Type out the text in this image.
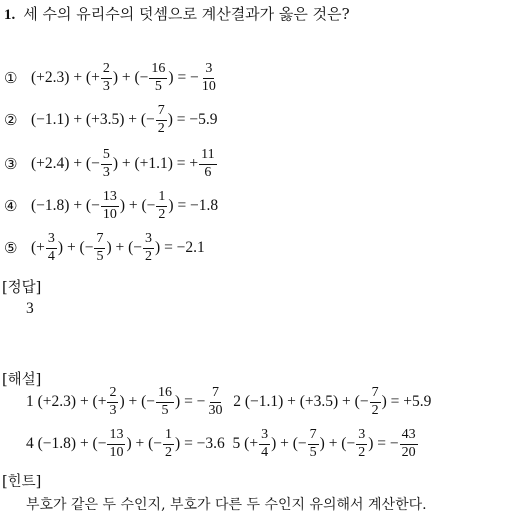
1. 세 수의 유리수의 덧셈으로 계산결과가 옳은 것은?
① (+2.3) + (+ $\frac{2}{3}$ ) + (− $\frac{16}{5}$ ) = − $\frac{3}{10}$
② (−1.1) + (+3.5) + (− $\frac{7}{2}$ ) = −5.9
③ (+2.4) + (− $\frac{5}{3}$ ) + (+1.1) = + $\frac{11}{6}$
④ (−1.8) + (− $\frac{13}{10}$ ) + (− $\frac{1}{2}$ ) = −1.8
⑤ (+ $\frac{3}{4}$ ) + (− $\frac{7}{5}$ ) + (− $\frac{3}{2}$ ) = −2.1
[정답]
3
[해설]
1 (+2.3) + (+ $\frac{2}{3}$ ) + (− $\frac{16}{5}$ ) = − $\frac{7}{30} 2$ (−1.1) + (+3.5) + (− $\frac{7}{2}$ ) = +5.9
4 (−1.8) + (− $\frac{13}{10}$ ) + (− $\frac{1}{2}$ ) = −3.6  5 (+ $\frac{3}{4}$ ) + (− $\frac{7}{5}$ ) + (− $\frac{3}{2}$ ) = − $\frac{43}{20}$
[힌트]
부호가 같은 두 수인지, 부호가 다른 두 수인지 유의해서 계산한다.
